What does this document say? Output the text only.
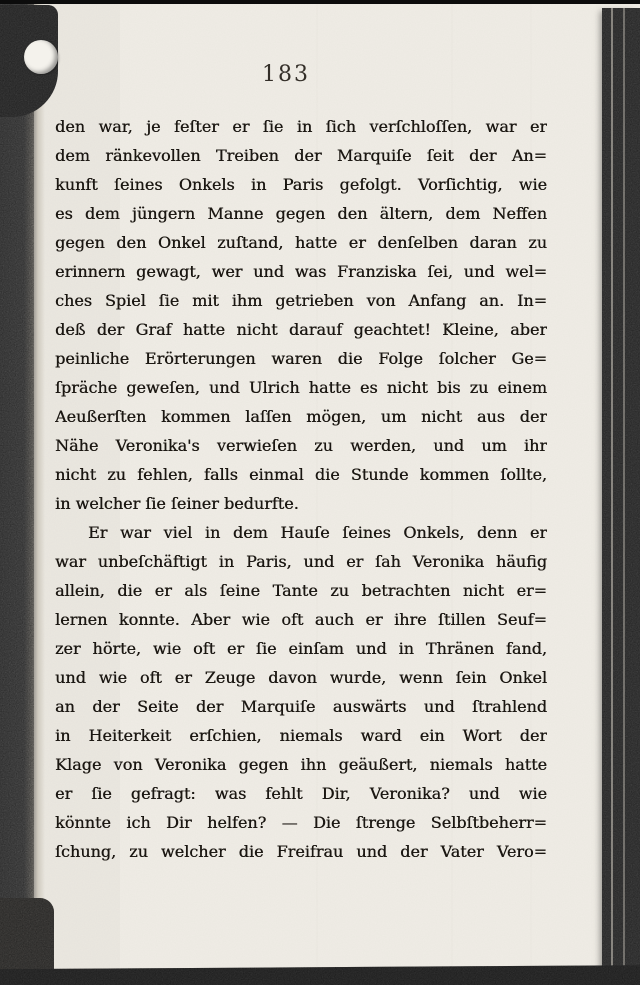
183
den war, je feſter er ſie in ſich verſchloſſen, war er
dem ränkevollen Treiben der Marquiſe ſeit der An=
kunft ſeines Onkels in Paris gefolgt. Vorſichtig, wie
es dem jüngern Manne gegen den ältern, dem Neffen
gegen den Onkel zuſtand, hatte er denſelben daran zu
erinnern gewagt, wer und was Franziska ſei, und wel=
ches Spiel ſie mit ihm getrieben von Anfang an. In=
deß der Graf hatte nicht darauf geachtet! Kleine, aber
peinliche Erörterungen waren die Folge ſolcher Ge=
ſpräche geweſen, und Ulrich hatte es nicht bis zu einem
Aeußerſten kommen laſſen mögen, um nicht aus der
Nähe Veronika's verwieſen zu werden, und um ihr
nicht zu fehlen, falls einmal die Stunde kommen ſollte,
in welcher ſie ſeiner bedurfte.
Er war viel in dem Hauſe ſeines Onkels, denn er
war unbeſchäftigt in Paris, und er ſah Veronika häufig
allein, die er als ſeine Tante zu betrachten nicht er=
lernen konnte. Aber wie oft auch er ihre ſtillen Seuf=
zer hörte, wie oft er ſie einſam und in Thränen fand,
und wie oft er Zeuge davon wurde, wenn ſein Onkel
an der Seite der Marquiſe auswärts und ſtrahlend
in Heiterkeit erſchien, niemals ward ein Wort der
Klage von Veronika gegen ihn geäußert, niemals hatte
er ſie gefragt: was fehlt Dir, Veronika? und wie
könnte ich Dir helfen? — Die ſtrenge Selbſtbeherr=
ſchung, zu welcher die Freifrau und der Vater Vero=
